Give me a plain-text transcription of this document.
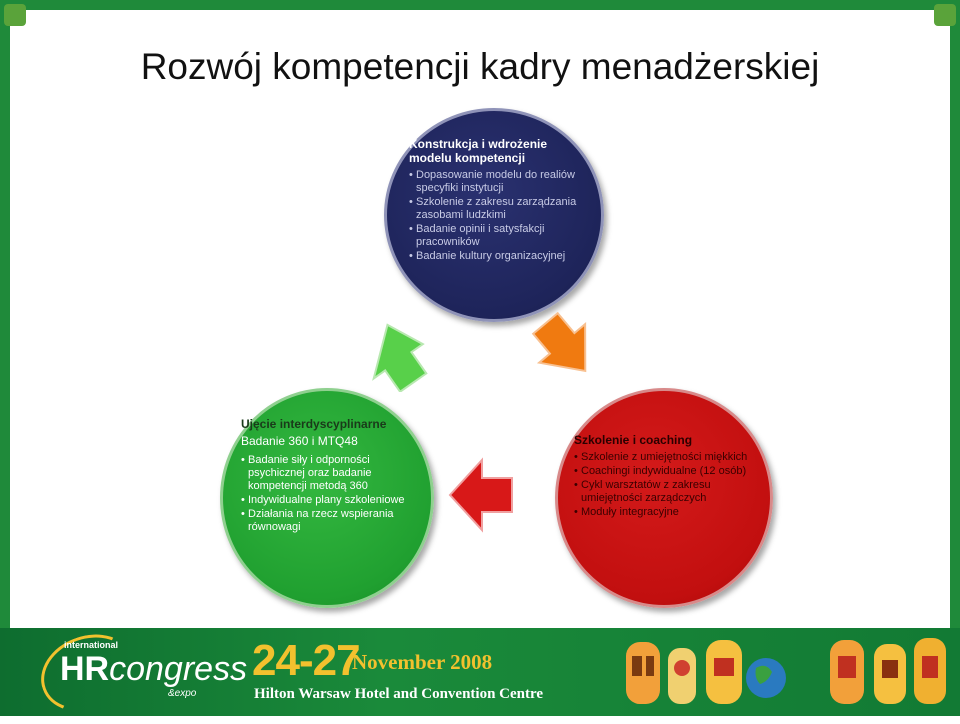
Rozwój kompetencji kadry menadżerskiej
Konstrukcja i wdrożenie modelu kompetencji
• Dopasowanie modelu do realiów specyfiki instytucji
• Szkolenie z zakresu zarządzania zasobami ludzkimi
• Badanie opinii i satysfakcji pracowników
• Badanie kultury organizacyjnej
Ujęcie interdyscyplinarne
Badanie 360 i MTQ48
• Badanie siły i odporności psychicznej oraz badanie kompetencji metodą 360
• Indywidualne plany szkoleniowe
• Działania na rzecz wspierania równowagi
Szkolenie i coaching
• Szkolenie z umiejętności miękkich
• Coachingi indywidualne (12 osób)
• Cykl warsztatów z zakresu umiejętności zarządczych
• Moduły integracyjne
international
HRcongress
&expo
24-27
November 2008
Hilton Warsaw Hotel and Convention Centre
